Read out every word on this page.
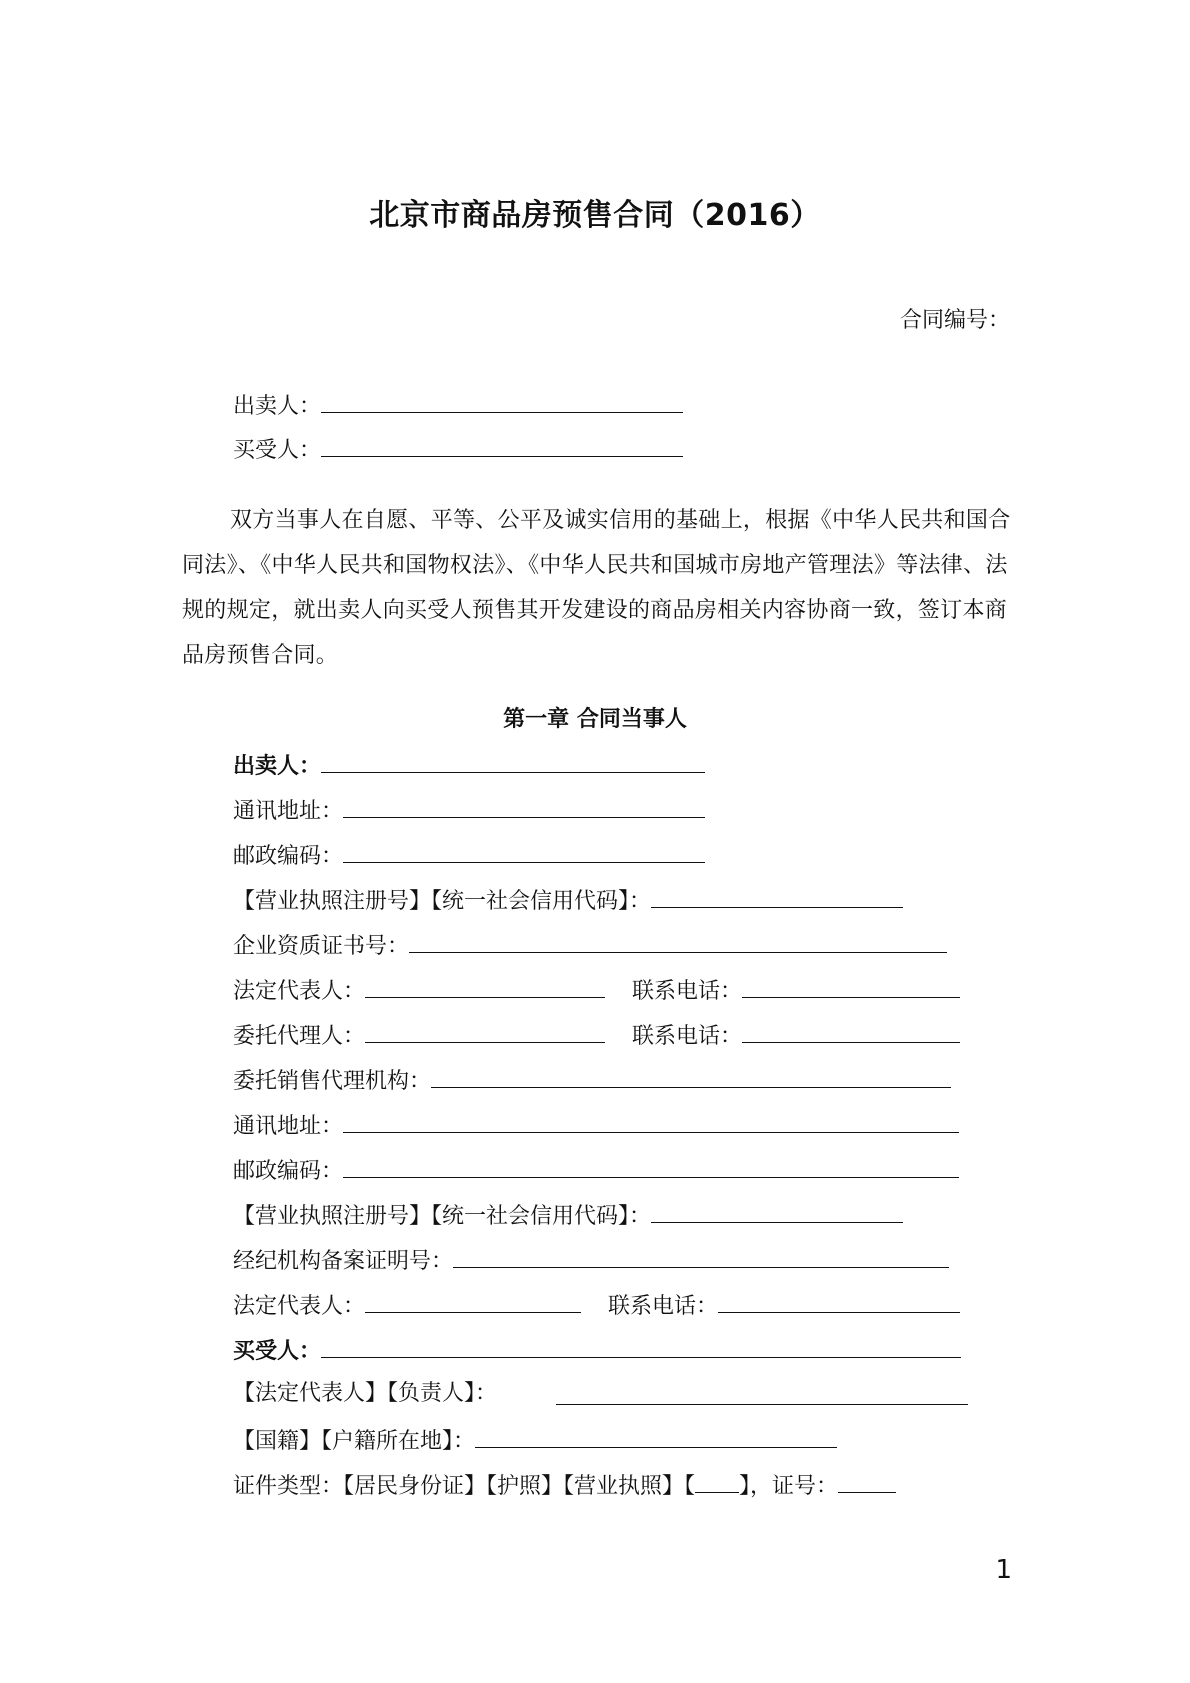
北京市商品房预售合同（2016）
合同编号：
出卖人：
买受人：
双方当事人在自愿、平等、公平及诚实信用的基础上，根据《中华人民共和国合同法》、《中华人民共和国物权法》、《中华人民共和国城市房地产管理法》等法律、法规的规定，就出卖人向买受人预售其开发建设的商品房相关内容协商一致，签订本商品房预售合同。
第一章 合同当事人
出卖人：
通讯地址：
邮政编码：
【营业执照注册号】【统一社会信用代码】：
企业资质证书号：
法定代表人：	联系电话：
委托代理人：	联系电话：
委托销售代理机构：
通讯地址：
邮政编码：
【营业执照注册号】【统一社会信用代码】：
经纪机构备案证明号：
法定代表人：	联系电话：
买受人：
【法定代表人】【负责人】：
【国籍】【户籍所在地】：
证件类型：【居民身份证】【护照】【营业执照】【 】，证号：
1
